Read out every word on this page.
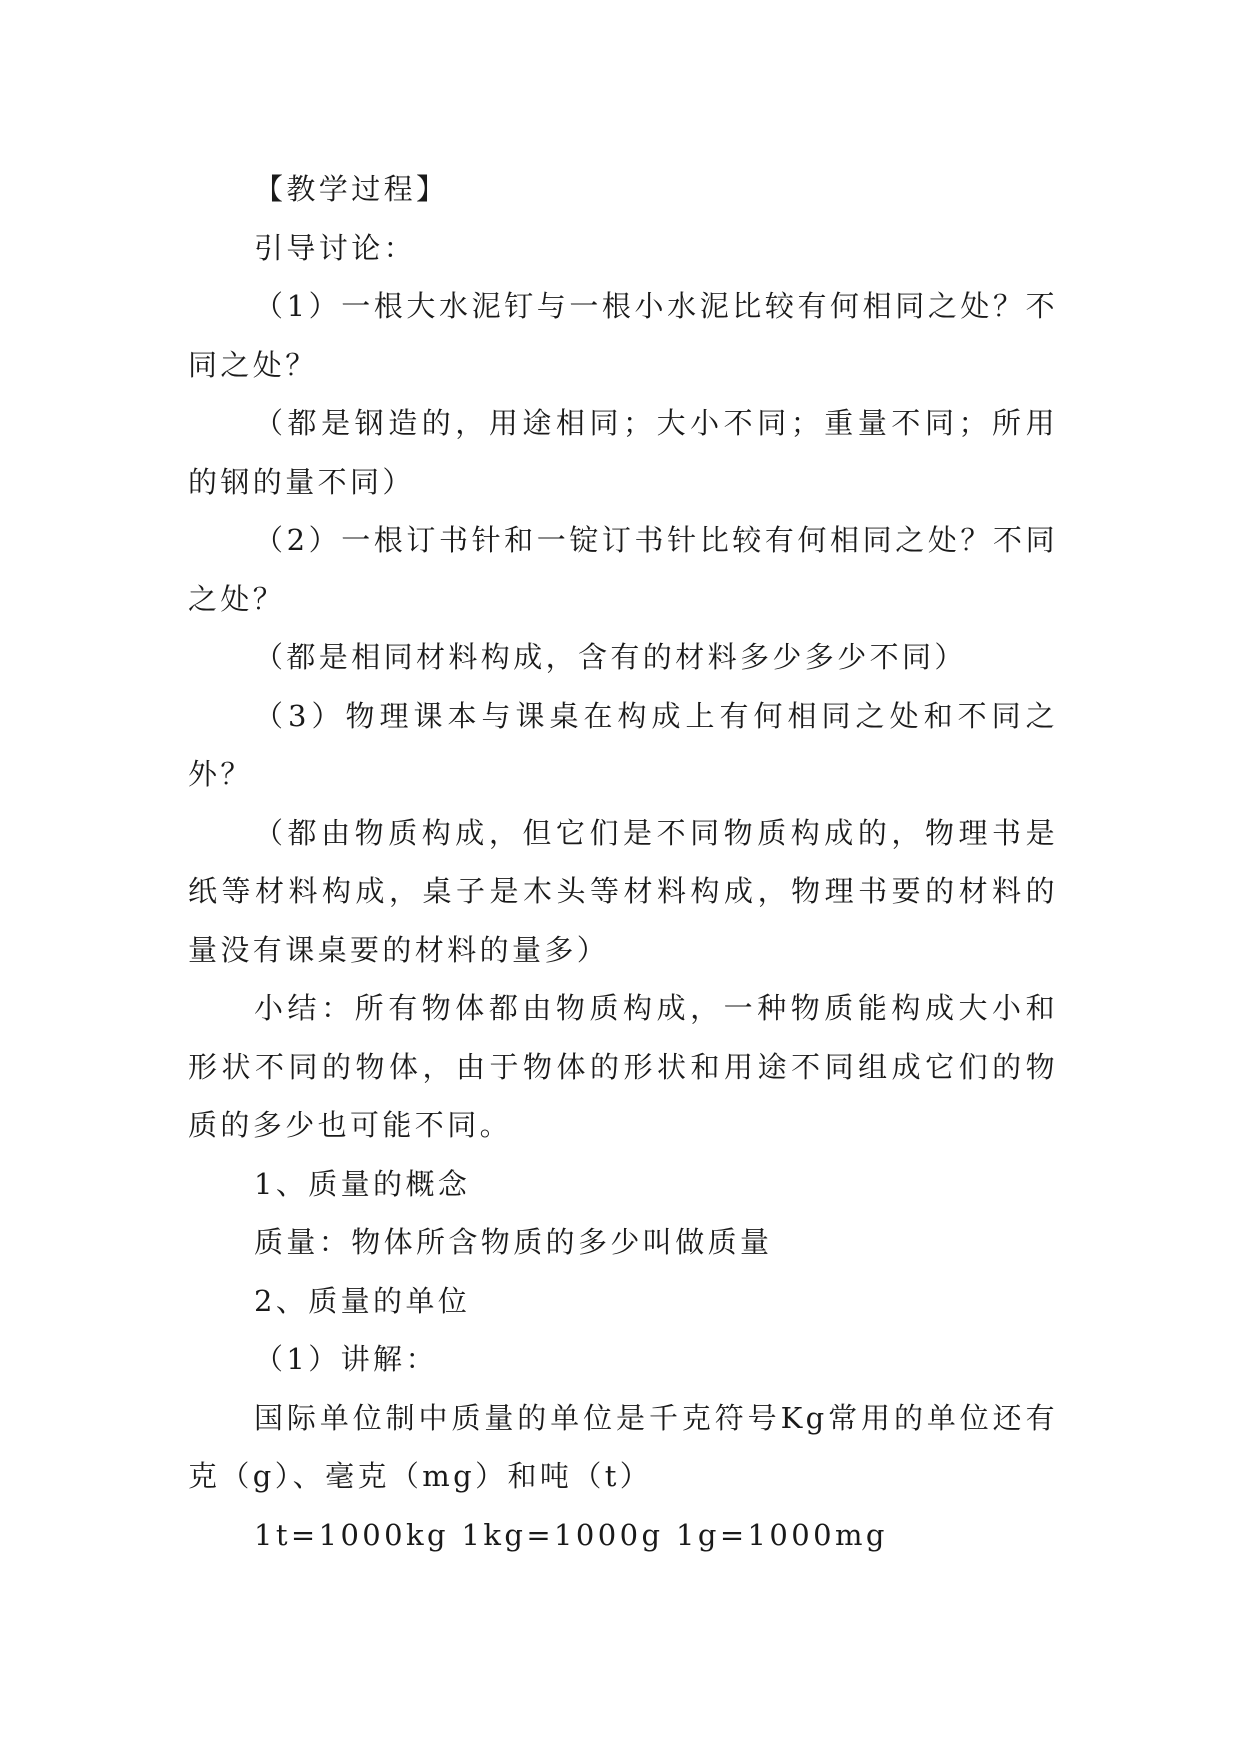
【教学过程】

引导讨论：

（1）一根大水泥钉与一根小水泥比较有何相同之处？不同之处？

（都是钢造的，用途相同；大小不同；重量不同；所用的钢的量不同）

（2）一根订书针和一锭订书针比较有何相同之处？不同之处？

（都是相同材料构成，含有的材料多少多少不同）

（3）物理课本与课桌在构成上有何相同之处和不同之外？

（都由物质构成，但它们是不同物质构成的，物理书是纸等材料构成，桌子是木头等材料构成，物理书要的材料的量没有课桌要的材料的量多）

小结：所有物体都由物质构成，一种物质能构成大小和形状不同的物体，由于物体的形状和用途不同组成它们的物质的多少也可能不同。

1、质量的概念

质量：物体所含物质的多少叫做质量

2、质量的单位

（1）讲解：

国际单位制中质量的单位是千克符号Kg常用的单位还有克（g）、毫克（mg）和吨（t）

1t=1000kg 1kg=1000g 1g=1000mg
